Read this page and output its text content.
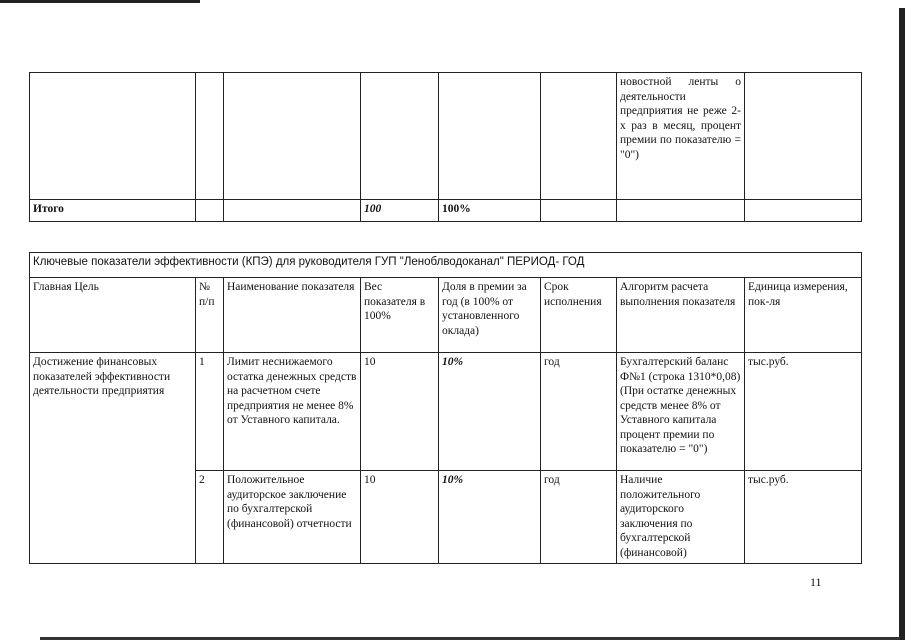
						новостной ленты о деятельности предприятия не реже 2-х раз в месяц, процент премии по показателю = "0")	
Итого			100	100%			
Ключевые показатели эффективности (КПЭ) для руководителя ГУП "Леноблводоканал" ПЕРИОД- ГОД							
Главная Цель	№ п/п	Наименование показателя	Вес показателя в 100%	Доля в премии за год (в 100% от установленного оклада)	Срок исполнения	Алгоритм расчета выполнения показателя	Единица измерения, пок-ля
Достижение финансовых показателей эффективности деятельности предприятия	1	Лимит неснижаемого остатка денежных средств на расчетном счете предприятия не менее 8% от Уставного капитала.	10	10%	год	Бухгалтерский баланс Ф№1 (строка 1310*0,08) (При остатке денежных средств менее 8% от Уставного капитала процент премии по показателю = "0")	тыс.руб.
	2	Положительное аудиторское заключение по бухгалтерской (финансовой) отчетности	10	10%	год	Наличие положительного аудиторского заключения по бухгалтерской (финансовой)	тыс.руб.
11
